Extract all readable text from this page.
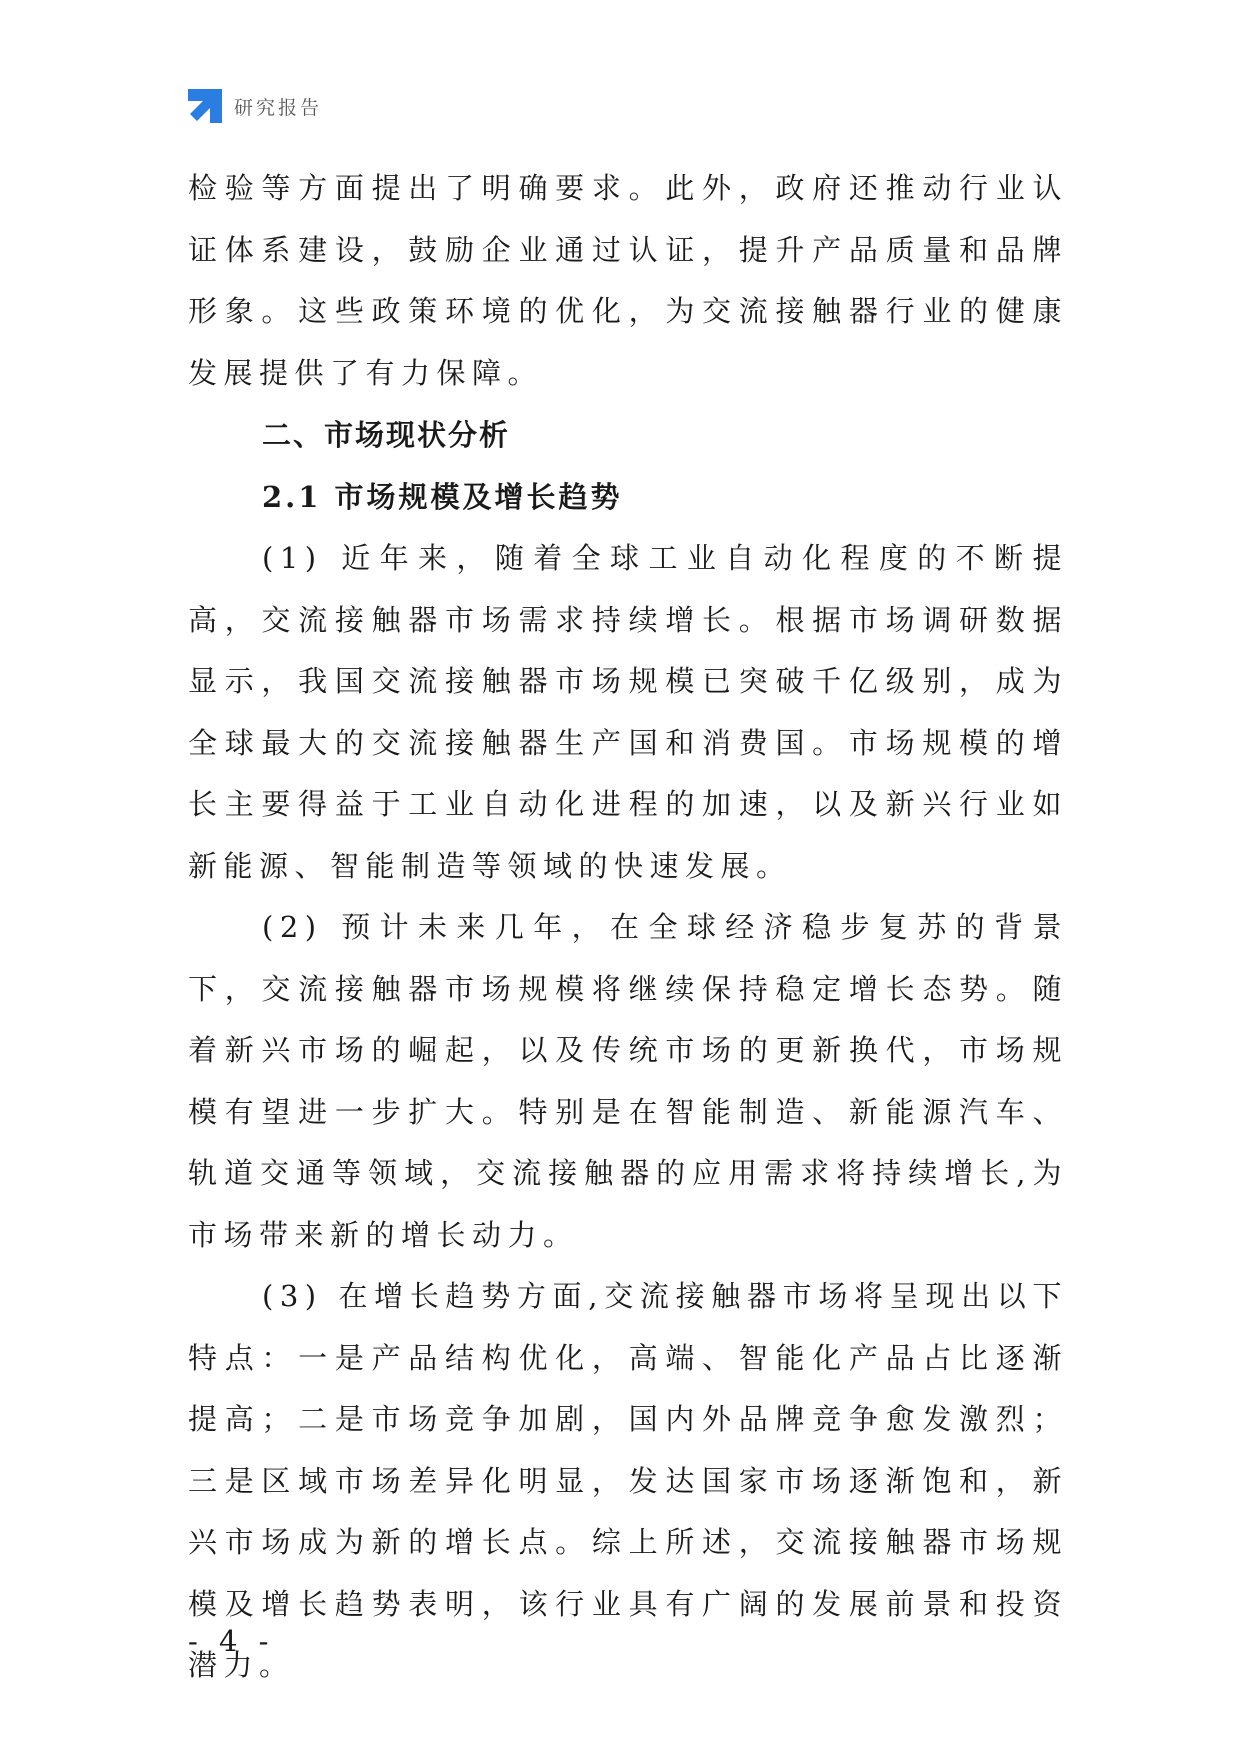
研究报告

检验等方面提出了明确要求。此外，政府还推动行业认证体系建设，鼓励企业通过认证，提升产品质量和品牌形象。这些政策环境的优化，为交流接触器行业的健康发展提供了有力保障。

二、市场现状分析
2.1 市场规模及增长趋势

(1) 近年来，随着全球工业自动化程度的不断提高，交流接触器市场需求持续增长。根据市场调研数据显示，我国交流接触器市场规模已突破千亿级别，成为全球最大的交流接触器生产国和消费国。市场规模的增长主要得益于工业自动化进程的加速，以及新兴行业如新能源、智能制造等领域的快速发展。

(2) 预计未来几年，在全球经济稳步复苏的背景下，交流接触器市场规模将继续保持稳定增长态势。随着新兴市场的崛起，以及传统市场的更新换代，市场规模有望进一步扩大。特别是在智能制造、新能源汽车、轨道交通等领域，交流接触器的应用需求将持续增长,为市场带来新的增长动力。

(3) 在增长趋势方面,交流接触器市场将呈现出以下特点：一是产品结构优化，高端、智能化产品占比逐渐提高；二是市场竞争加剧，国内外品牌竞争愈发激烈；三是区域市场差异化明显，发达国家市场逐渐饱和，新兴市场成为新的增长点。综上所述，交流接触器市场规模及增长趋势表明，该行业具有广阔的发展前景和投资潜力。

- 4 -
